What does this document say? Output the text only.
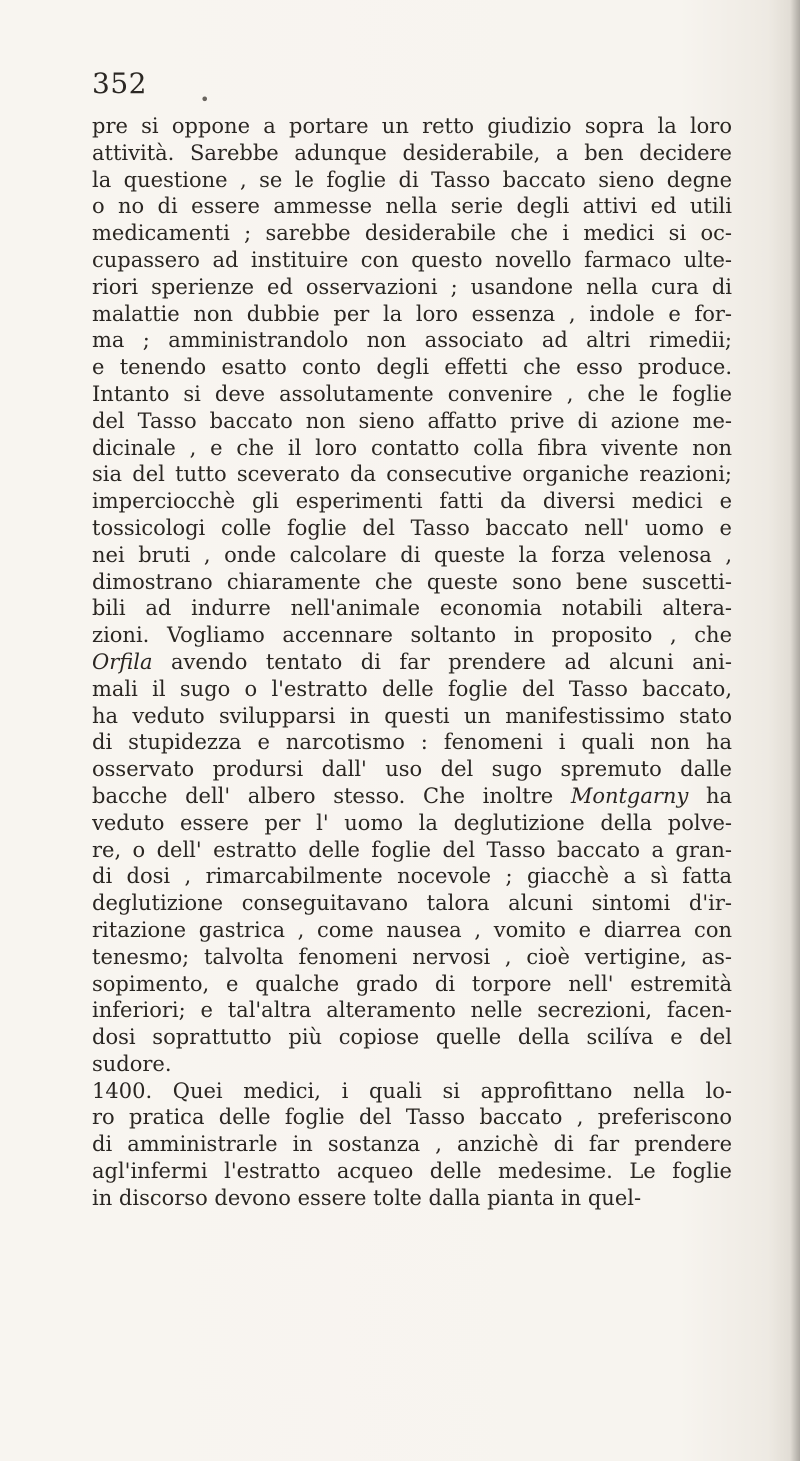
352	•
pre si oppone a portare un retto giudizio sopra la loro
attività. Sarebbe adunque desiderabile, a ben decidere
la questione , se le foglie di Tasso baccato sieno degne
o no di essere ammesse nella serie degli attivi ed utili
medicamenti ; sarebbe desiderabile che i medici si oc-
cupassero ad instituire con questo novello farmaco ulte-
riori sperienze ed osservazioni ; usandone nella cura di
malattie non dubbie per la loro essenza , indole e for-
ma ; amministrandolo non associato ad altri rimedii;
e tenendo esatto conto degli effetti che esso produce.
Intanto si deve assolutamente convenire , che le foglie
del Tasso baccato non sieno affatto prive di azione me-
dicinale , e che il loro contatto colla fibra vivente non
sia del tutto sceverato da consecutive organiche reazioni;
imperciocchè gli esperimenti fatti da diversi medici e
tossicologi colle foglie del Tasso baccato nell' uomo e
nei bruti , onde calcolare di queste la forza velenosa ,
dimostrano chiaramente che queste sono bene suscetti-
bili ad indurre nell'animale economia notabili altera-
zioni. Vogliamo accennare soltanto in proposito , che
Orfila avendo tentato di far prendere ad alcuni ani-
mali il sugo o l'estratto delle foglie del Tasso baccato,
ha veduto svilupparsi in questi un manifestissimo stato
di stupidezza e narcotismo : fenomeni i quali non ha
osservato prodursi dall' uso del sugo spremuto dalle
bacche dell' albero stesso. Che inoltre Montgarny ha
veduto essere per l' uomo la deglutizione della polve-
re, o dell' estratto delle foglie del Tasso baccato a gran-
di dosi , rimarcabilmente nocevole ; giacchè a sì fatta
deglutizione conseguitavano talora alcuni sintomi d'ir-
ritazione gastrica , come nausea , vomito e diarrea con
tenesmo; talvolta fenomeni nervosi , cioè vertigine, as-
sopimento, e qualche grado di torpore nell' estremità
inferiori; e tal'altra alteramento nelle secrezioni, facen-
dosi soprattutto più copiose quelle della scilíva e del
sudore.
1400. Quei medici, i quali si approfittano nella lo-
ro pratica delle foglie del Tasso baccato , preferiscono
di amministrarle in sostanza , anzichè di far prendere
agl'infermi l'estratto acqueo delle medesime. Le foglie
in discorso devono essere tolte dalla pianta in quel-
